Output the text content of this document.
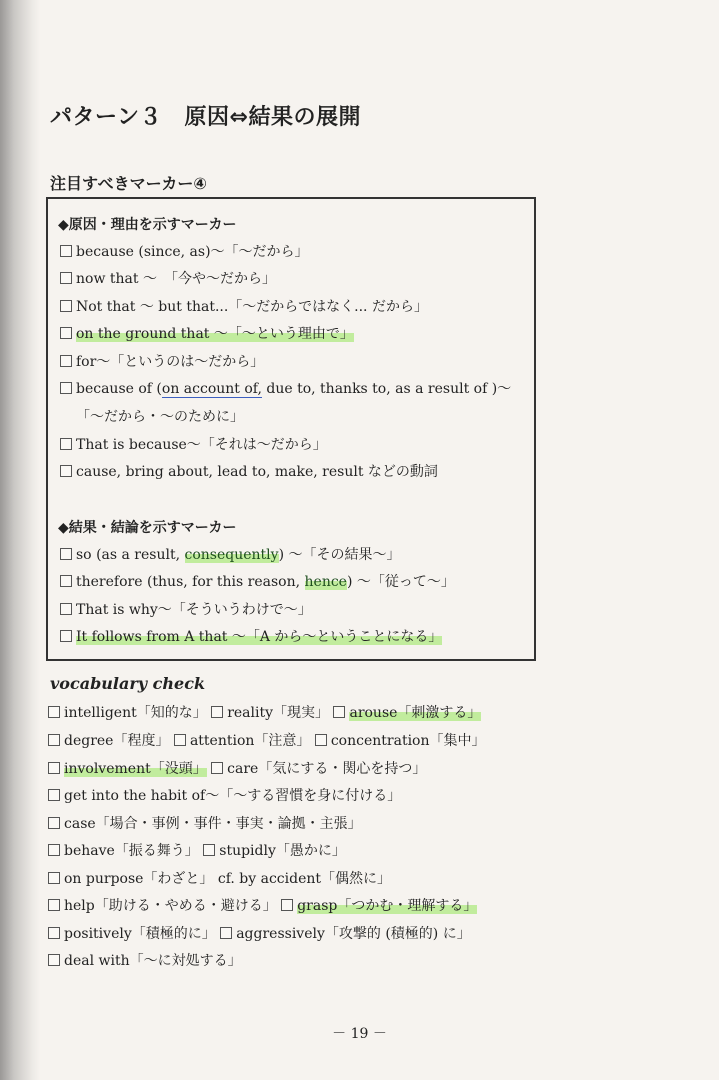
パターン３　原因⇔結果の展開
注目すべきマーカー④
◆原因・理由を示すマーカー
because (since, as)～「～だから」
now that ～　「今や～だから」
Not that ～ but that...「～だからではなく... だから」
on the ground that ～「～という理由で」
for～「というのは～だから」
because of (on account of, due to, thanks to, as a result of )～
「～だから・～のために」
That is because～「それは～だから」
cause, bring about, lead to, make, result などの動詞
◆結果・結論を示すマーカー
so (as a result, consequently) ～「その結果～」
therefore (thus, for this reason, hence) ～「従って～」
That is why～「そういうわけで～」
It follows from A that ～「A から～ということになる」
vocabulary check
intelligent「知的な」 reality「現実」 arouse「刺激する」
degree「程度」 attention「注意」 concentration「集中」
involvement「没頭」 care「気にする・関心を持つ」
get into the habit of～「～する習慣を身に付ける」
case「場合・事例・事件・事実・論拠・主張」
behave「振る舞う」 stupidly「愚かに」
on purpose「わざと」 cf. by accident「偶然に」
help「助ける・やめる・避ける」 grasp「つかむ・理解する」
positively「積極的に」 aggressively「攻撃的 (積極的) に」
deal with「～に対処する」
－ 19 －
